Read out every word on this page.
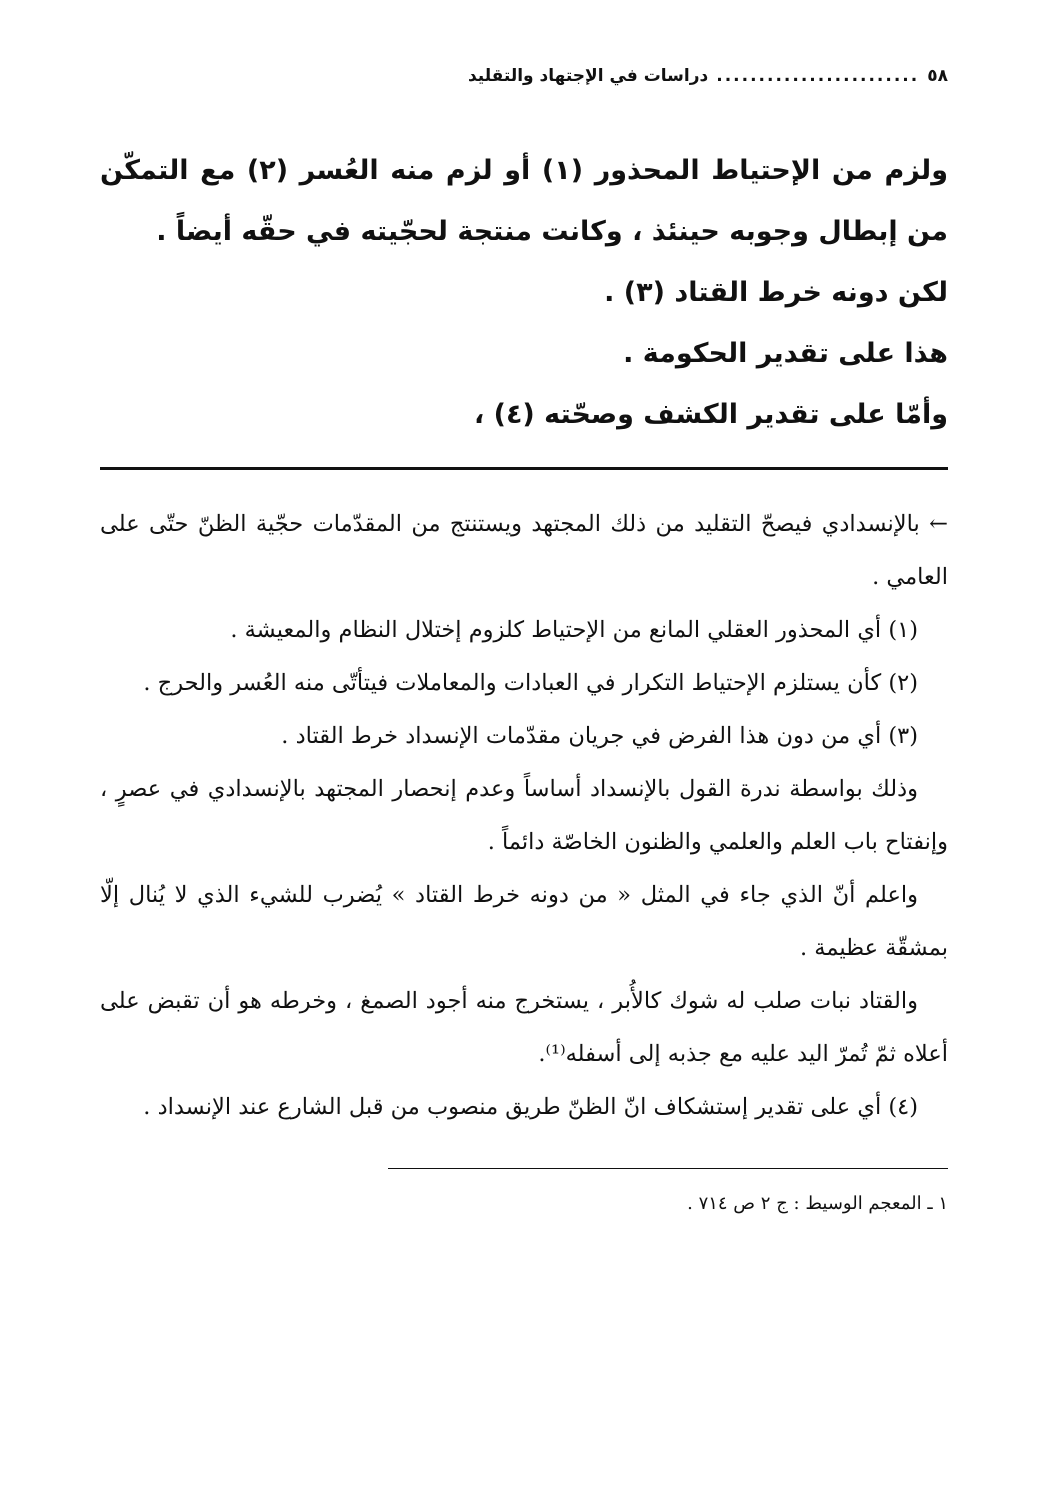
٥٨
........................
دراسات في الإجتهاد والتقليد

ولزم من الإحتياط المحذور (١) أو لزم منه العُسر (٢) مع التمكّن من إبطال وجوبه حينئذ ، وكانت منتجة لحجّيته في حقّه أيضاً .

لكن دونه خرط القتاد (٣) .

هذا على تقدير الحكومة .

وأمّا على تقدير الكشف وصحّته (٤) ،

← بالإنسدادي فيصحّ التقليد من ذلك المجتهد ويستنتج من المقدّمات حجّية الظنّ حتّى على العامي .

(١) أي المحذور العقلي المانع من الإحتياط كلزوم إختلال النظام والمعيشة .

(٢) كأن يستلزم الإحتياط التكرار في العبادات والمعاملات فيتأتّى منه العُسر والحرج .

(٣) أي من دون هذا الفرض في جريان مقدّمات الإنسداد خرط القتاد .

وذلك بواسطة ندرة القول بالإنسداد أساساً وعدم إنحصار المجتهد بالإنسدادي في عصرٍ ، وإنفتاح باب العلم والعلمي والظنون الخاصّة دائماً .

واعلم أنّ الذي جاء في المثل « من دونه خرط القتاد » يُضرب للشيء الذي لا يُنال إلّا بمشقّة عظيمة .

والقتاد نبات صلب له شوك كالأُبر ، يستخرج منه أجود الصمغ ، وخرطه هو أن تقبض على أعلاه ثمّ تُمرّ اليد عليه مع جذبه إلى أسفله⁽¹⁾.

(٤) أي على تقدير إستشكاف انّ الظنّ طريق منصوب من قبل الشارع عند الإنسداد .

١ ـ المعجم الوسيط : ج ٢ ص ٧١٤ .
